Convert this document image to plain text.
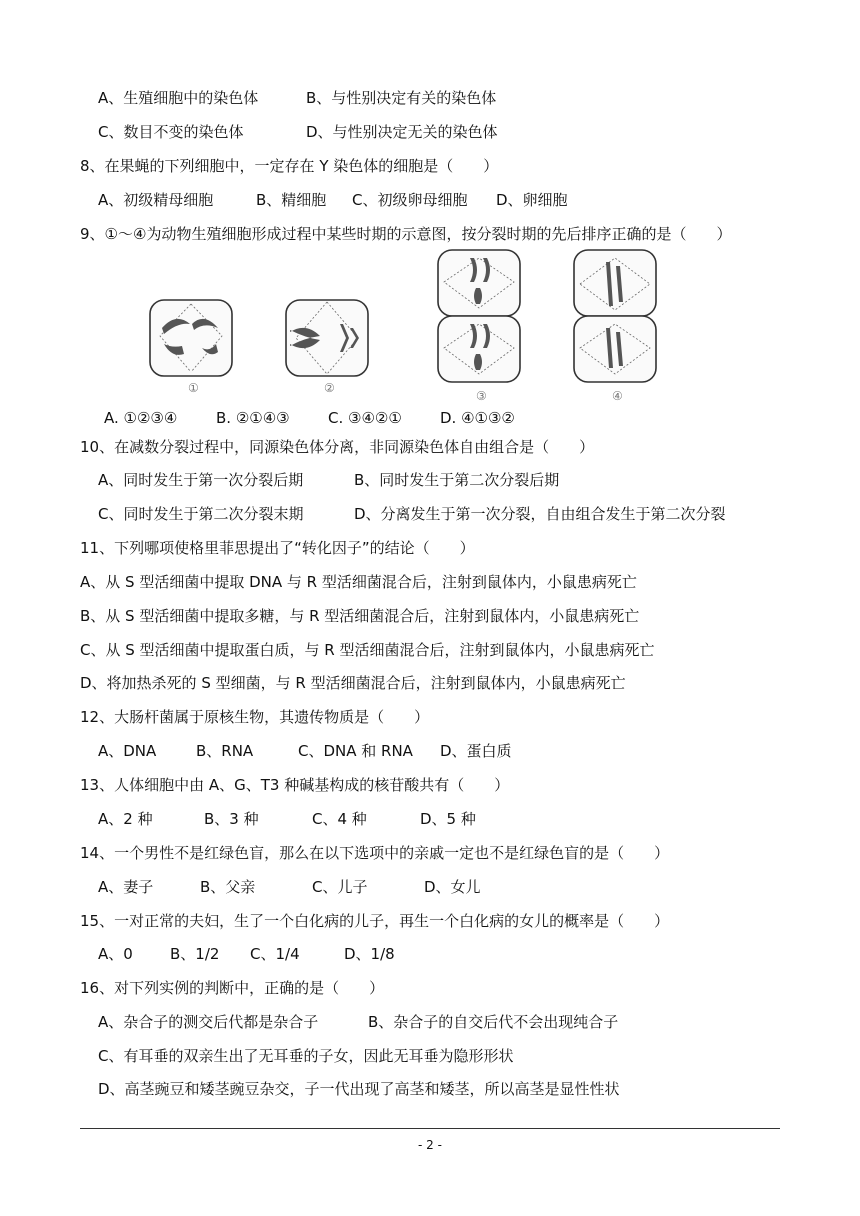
A、生殖细胞中的染色体	B、与性别决定有关的染色体
C、数目不变的染色体	D、与性别决定无关的染色体
8、在果蝇的下列细胞中，一定存在 Y 染色体的细胞是（　　）
A、初级精母细胞	B、精细胞 C、初级卵母细胞 D、卵细胞
9、①～④为动物生殖细胞形成过程中某些时期的示意图，按分裂时期的先后排序正确的是（　　）
①	②
③	④
A. ①②③④	B. ②①④③	C. ③④②①	D. ④①③②
10、在减数分裂过程中，同源染色体分离，非同源染色体自由组合是（　　）
A、同时发生于第一次分裂后期	B、同时发生于第二次分裂后期
C、同时发生于第二次分裂末期	D、分离发生于第一次分裂，自由组合发生于第二次分裂
11、下列哪项使格里菲思提出了“转化因子”的结论（　　）
A、从 S 型活细菌中提取 DNA 与 R 型活细菌混合后，注射到鼠体内，小鼠患病死亡
B、从 S 型活细菌中提取多糖，与 R 型活细菌混合后，注射到鼠体内，小鼠患病死亡
C、从 S 型活细菌中提取蛋白质，与 R 型活细菌混合后，注射到鼠体内，小鼠患病死亡
D、将加热杀死的 S 型细菌，与 R 型活细菌混合后，注射到鼠体内，小鼠患病死亡
12、大肠杆菌属于原核生物，其遗传物质是（　　）
A、DNA	B、RNA	C、DNA 和 RNA D、蛋白质
13、人体细胞中由 A、G、T3 种碱基构成的核苷酸共有（　　）
A、2 种	B、3 种	C、4 种	D、5 种
14、一个男性不是红绿色盲，那么在以下选项中的亲戚一定也不是红绿色盲的是（　　）
A、妻子	B、父亲	C、儿子	D、女儿
15、一对正常的夫妇，生了一个白化病的儿子，再生一个白化病的女儿的概率是（　　）
A、0 B、1/2 C、1/4	D、1/8
16、对下列实例的判断中，正确的是（　　）
A、杂合子的测交后代都是杂合子	B、杂合子的自交后代不会出现纯合子
C、有耳垂的双亲生出了无耳垂的子女，因此无耳垂为隐形形状
D、高茎豌豆和矮茎豌豆杂交，子一代出现了高茎和矮茎，所以高茎是显性性状
- 2 -
